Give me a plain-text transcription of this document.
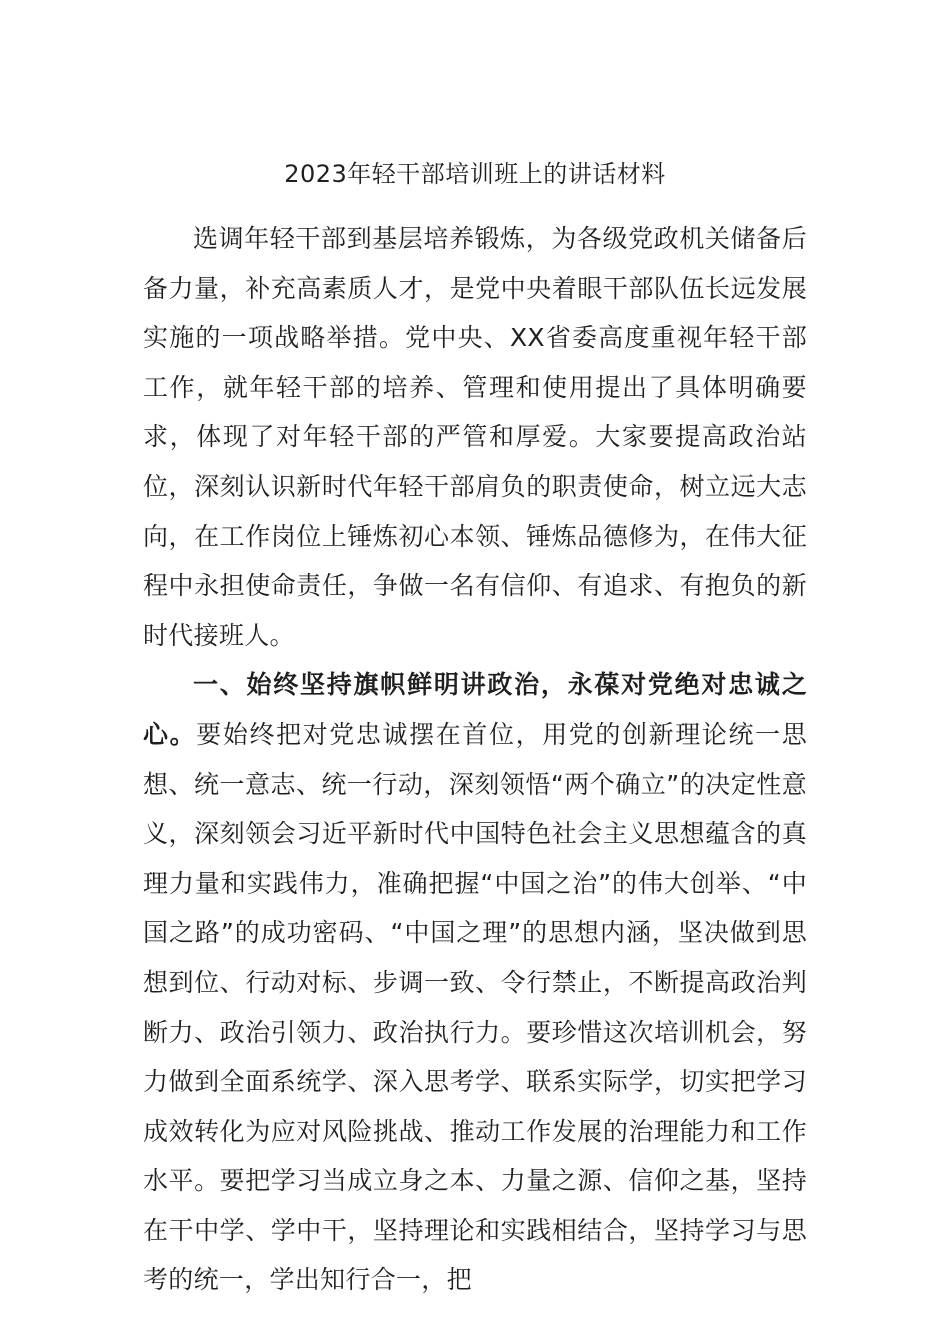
2023年轻干部培训班上的讲话材料

选调年轻干部到基层培养锻炼，为各级党政机关储备后备力量，补充高素质人才，是党中央着眼干部队伍长远发展实施的一项战略举措。党中央、XX省委高度重视年轻干部工作，就年轻干部的培养、管理和使用提出了具体明确要求，体现了对年轻干部的严管和厚爱。大家要提高政治站位，深刻认识新时代年轻干部肩负的职责使命，树立远大志向，在工作岗位上锤炼初心本领、锤炼品德修为，在伟大征程中永担使命责任，争做一名有信仰、有追求、有抱负的新时代接班人。

一、始终坚持旗帜鲜明讲政治，永葆对党绝对忠诚之心。要始终把对党忠诚摆在首位，用党的创新理论统一思想、统一意志、统一行动，深刻领悟“两个确立”的决定性意义，深刻领会习近平新时代中国特色社会主义思想蕴含的真理力量和实践伟力，准确把握“中国之治”的伟大创举、“中国之路”的成功密码、“中国之理”的思想内涵，坚决做到思想到位、行动对标、步调一致、令行禁止，不断提高政治判断力、政治引领力、政治执行力。要珍惜这次培训机会，努力做到全面系统学、深入思考学、联系实际学，切实把学习成效转化为应对风险挑战、推动工作发展的治理能力和工作水平。要把学习当成立身之本、力量之源、信仰之基，坚持在干中学、学中干，坚持理论和实践相结合，坚持学习与思考的统一，学出知行合一，把
